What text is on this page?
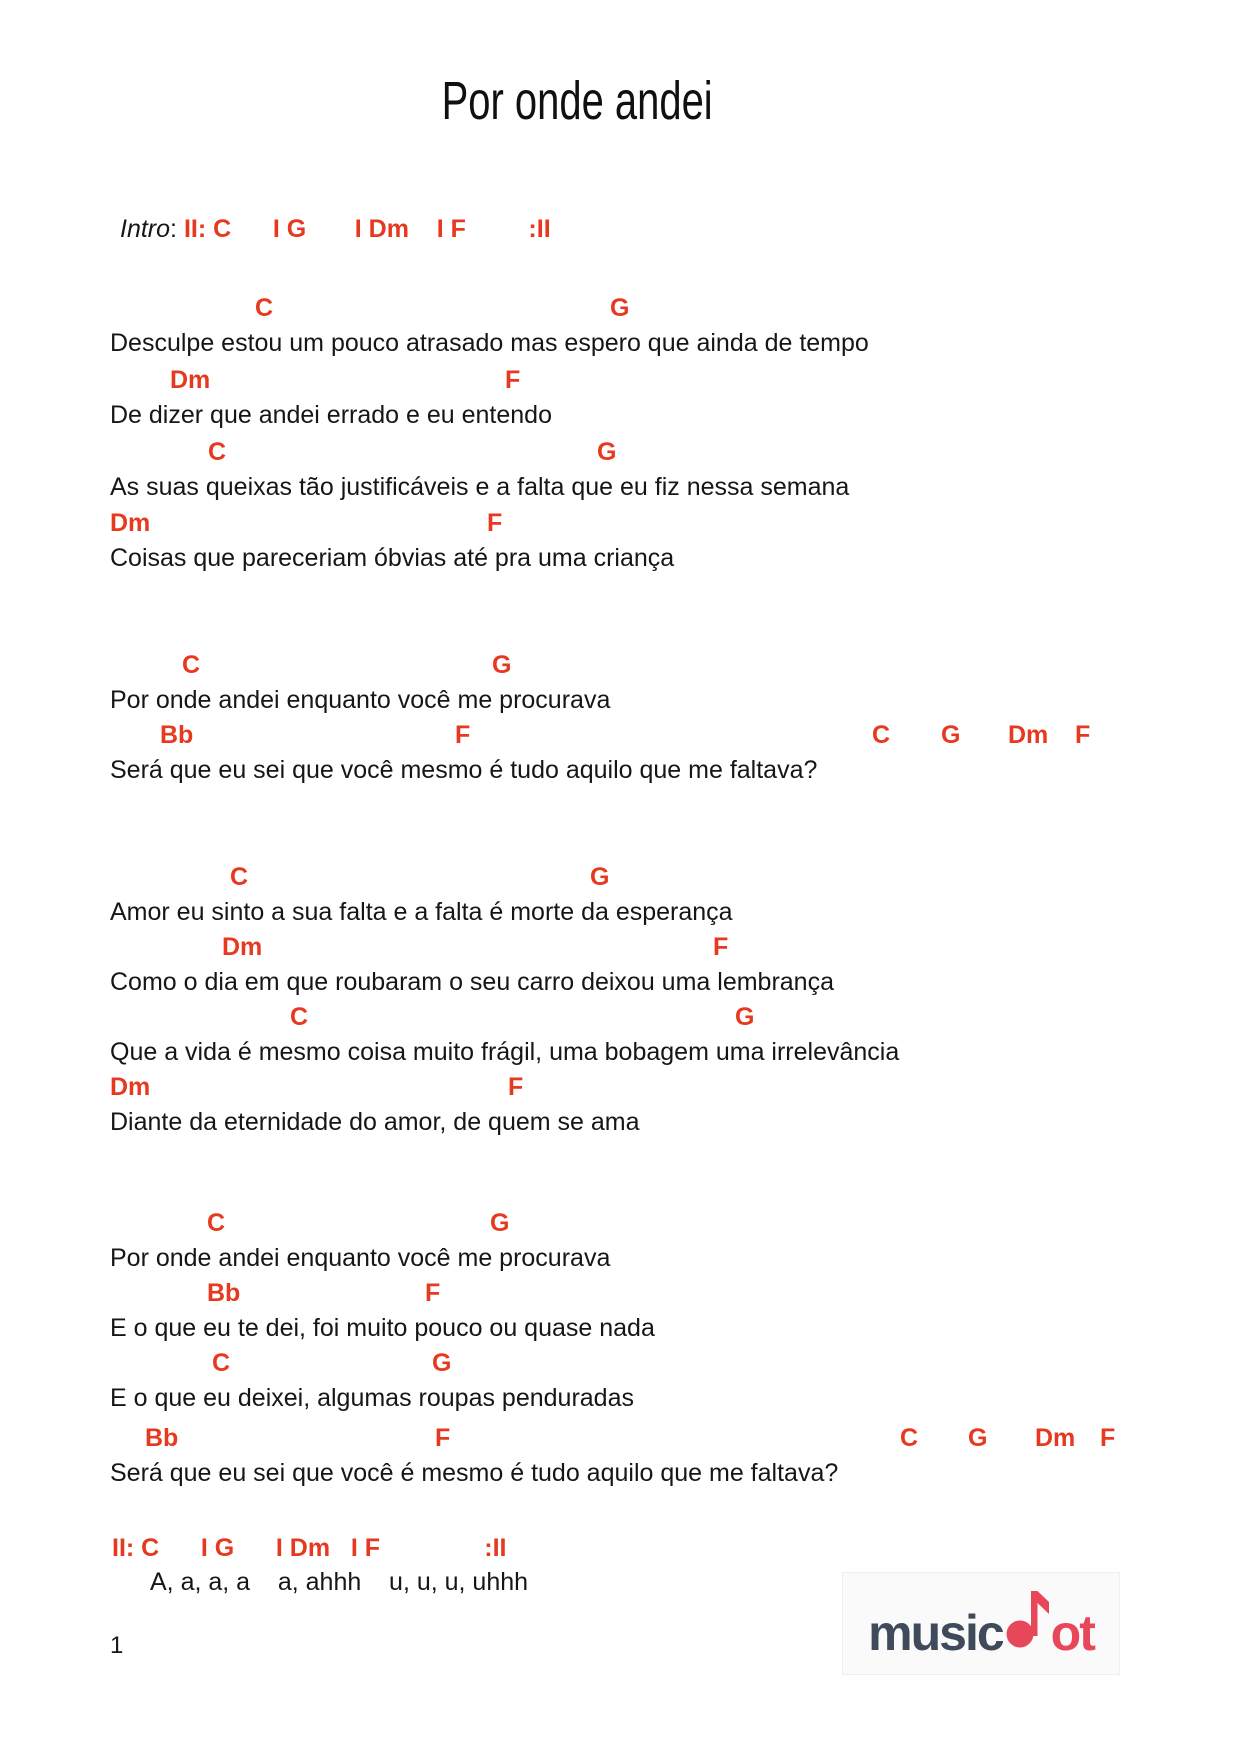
Por onde andei
Intro: II: C      I G       I Dm    I F         :II
C	G
Desculpe estou um pouco atrasado mas espero que ainda de tempo
Dm	F
De dizer que andei errado e eu entendo
C	G
As suas queixas tão justificáveis e a falta que eu fiz nessa semana
Dm	F
Coisas que pareceriam óbvias até pra uma criança
C	G
Por onde andei enquanto você me procurava
Bb	F	C G Dm F
Será que eu sei que você mesmo é tudo aquilo que me faltava?
C	G
Amor eu sinto a sua falta e a falta é morte da esperança
Dm	F
Como o dia em que roubaram o seu carro deixou uma lembrança
C	G
Que a vida é mesmo coisa muito frágil, uma bobagem uma irrelevância
Dm	F
Diante da eternidade do amor, de quem se ama
C	G
Por onde andei enquanto você me procurava
Bb	F
E o que eu te dei, foi muito pouco ou quase nada
C	G
E o que eu deixei, algumas roupas penduradas
Bb	F	C G Dm F
Será que eu sei que você é mesmo é tudo aquilo que me faltava?
II: C      I G      I Dm   I F               :II
A, a, a, a    a, ahhh    u, u, u, uhhh
1	music ot
